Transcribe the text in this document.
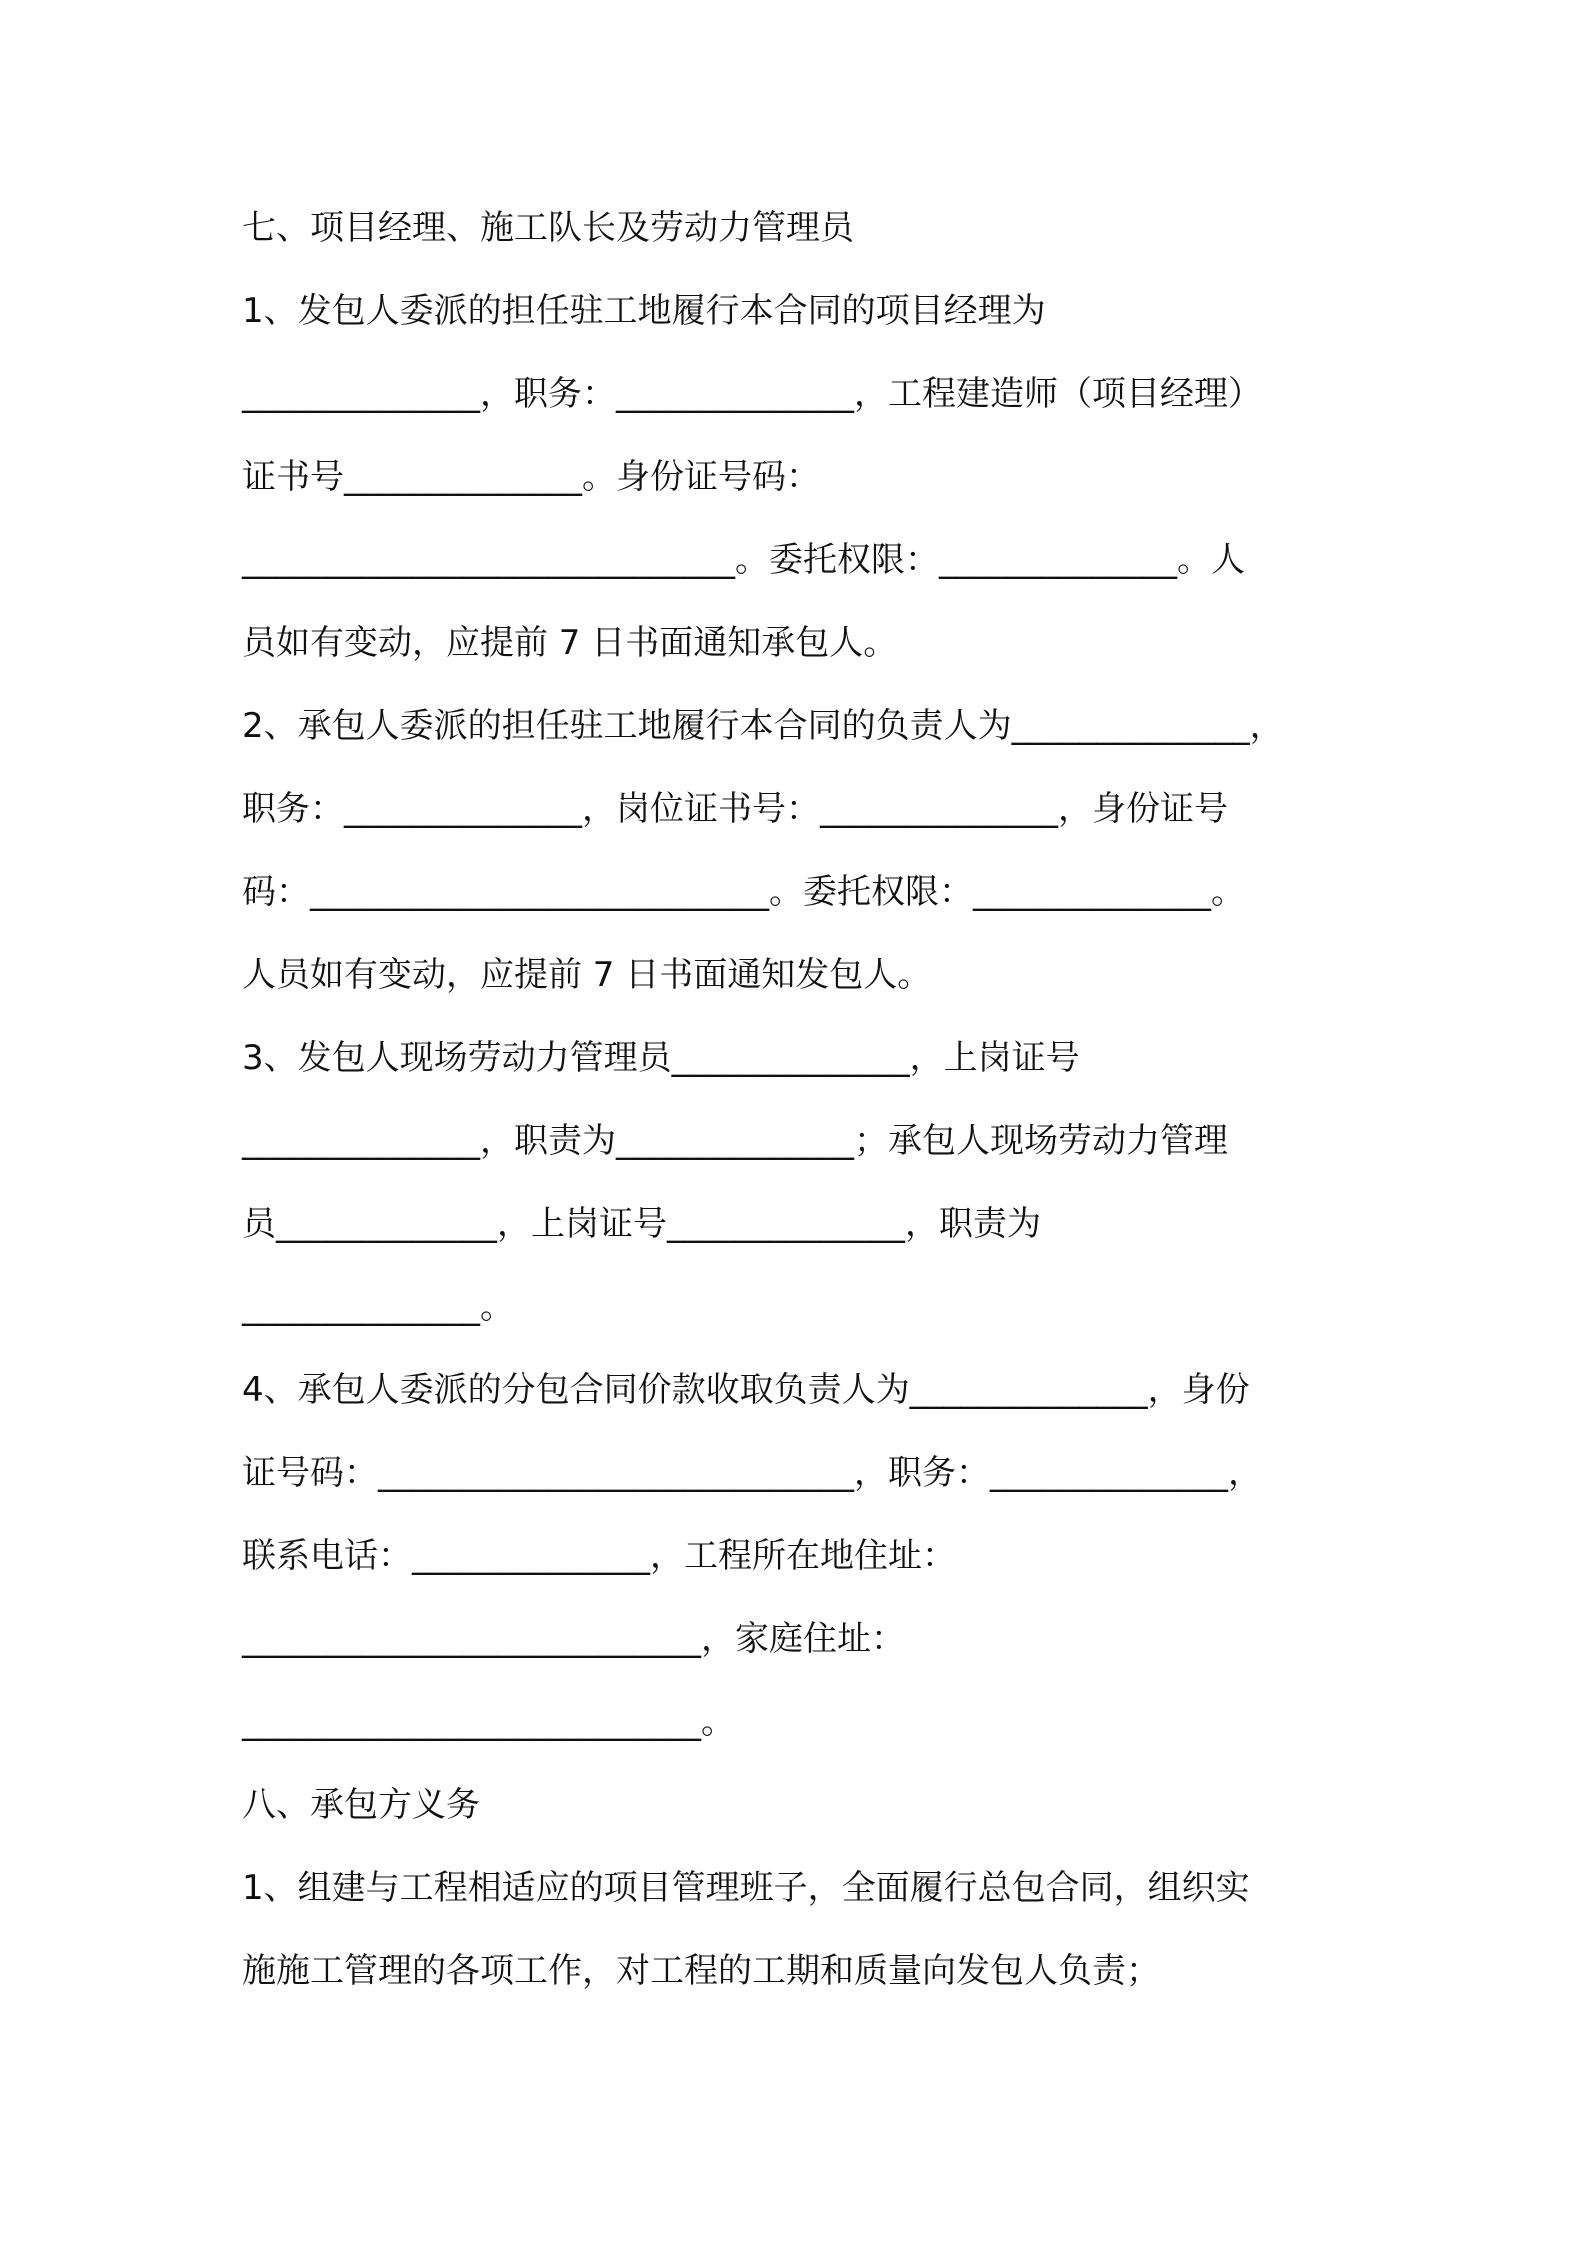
七、项目经理、施工队长及劳动力管理员
1、发包人委派的担任驻工地履行本合同的项目经理为
______________，职务：______________，工程建造师（项目经理）
证书号______________。身份证号码：
_____________________________。委托权限：______________。人
员如有变动，应提前 7 日书面通知承包人。
2、承包人委派的担任驻工地履行本合同的负责人为______________，
职务：______________，岗位证书号：______________，身份证号
码：___________________________。委托权限：______________。
人员如有变动，应提前 7 日书面通知发包人。
3、发包人现场劳动力管理员______________，上岗证号
______________，职责为______________；承包人现场劳动力管理
员_____________，上岗证号______________，职责为
______________。
4、承包人委派的分包合同价款收取负责人为______________，身份
证号码：____________________________，职务：______________，
联系电话：______________，工程所在地住址：
___________________________，家庭住址：
___________________________。
八、承包方义务
1、组建与工程相适应的项目管理班子，全面履行总包合同，组织实
施施工管理的各项工作，对工程的工期和质量向发包人负责；
